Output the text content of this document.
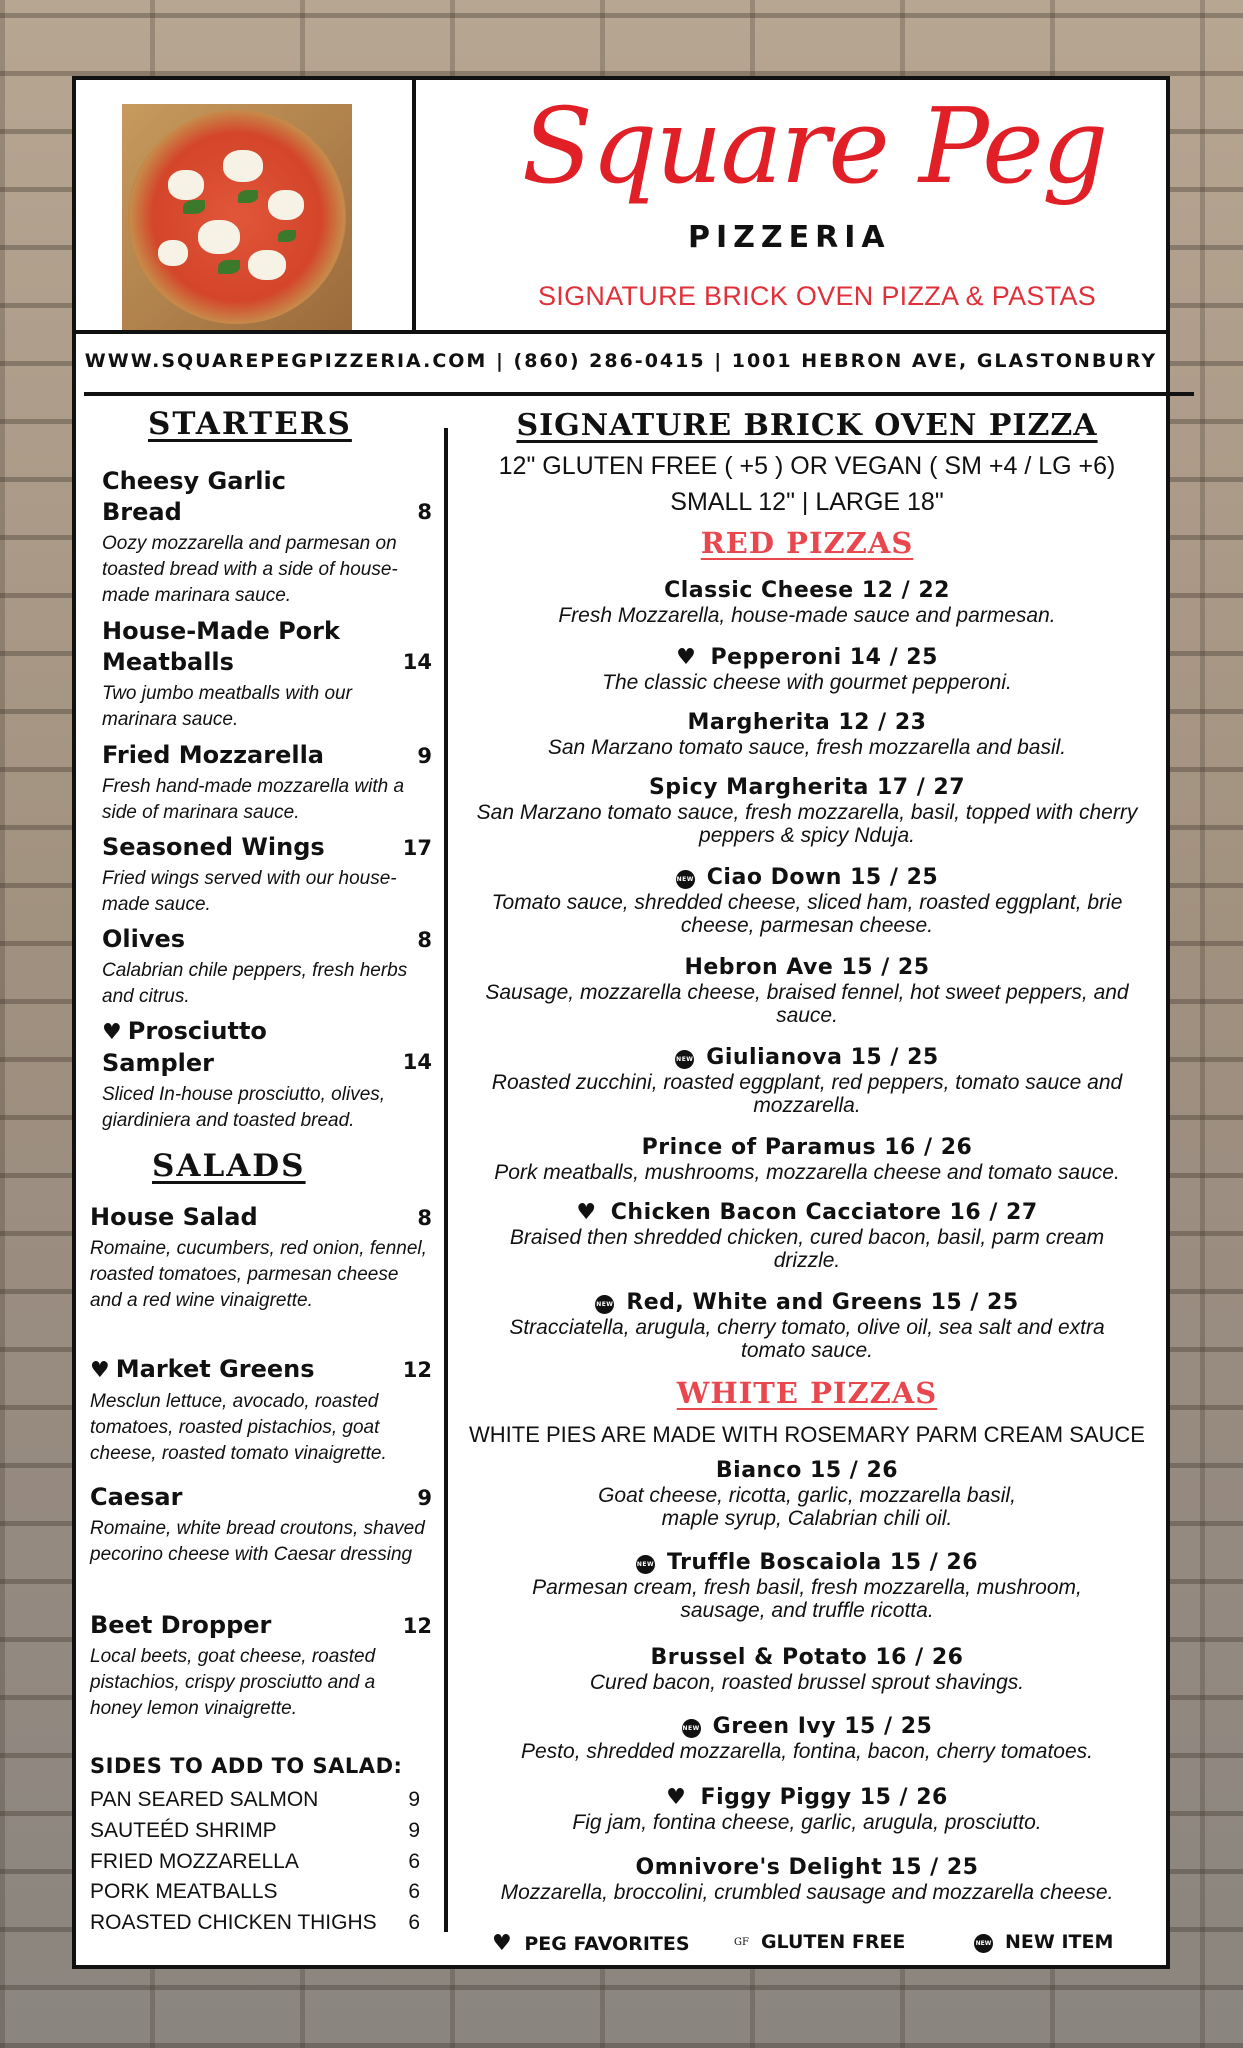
Square Peg
PIZZERIA
SIGNATURE BRICK OVEN PIZZA & PASTAS
WWW.SQUAREPEGPIZZERIA.COM | (860) 286-0415 | 1001 HEBRON AVE, GLASTONBURY
STARTERS
Cheesy Garlic Bread	8
Oozy mozzarella and parmesan on toasted bread with a side of house-made marinara sauce.
House-Made Pork Meatballs	14
Two jumbo meatballs with our marinara sauce.
Fried Mozzarella	9
Fresh hand-made mozzarella with a side of marinara sauce.
Seasoned Wings	17
Fried wings served with our house-made sauce.
Olives	8
Calabrian chile peppers, fresh herbs and citrus.
♥ Prosciutto Sampler	14
Sliced In-house prosciutto, olives, giardiniera and toasted bread.
SALADS
House Salad	8
Romaine, cucumbers, red onion, fennel, roasted tomatoes, parmesan cheese and a red wine vinaigrette.
♥ Market Greens	12
Mesclun lettuce, avocado, roasted tomatoes, roasted pistachios, goat cheese, roasted tomato vinaigrette.
Caesar	9
Romaine, white bread croutons, shaved pecorino cheese with Caesar dressing
Beet Dropper	12
Local beets, goat cheese, roasted pistachios, crispy prosciutto and a honey lemon vinaigrette.
SIDES TO ADD TO SALAD:
PAN SEARED SALMON	9
SAUTEÉD SHRIMP	9
FRIED MOZZARELLA	6
PORK MEATBALLS	6
ROASTED CHICKEN THIGHS 6
SIGNATURE BRICK OVEN PIZZA
12" GLUTEN FREE ( +5 ) OR VEGAN ( SM +4 / LG +6)
SMALL 12" | LARGE 18"
RED PIZZAS
Classic Cheese 12 / 22
Fresh Mozzarella, house-made sauce and parmesan.
♥ Pepperoni 14 / 25
The classic cheese with gourmet pepperoni.
Margherita 12 / 23
San Marzano tomato sauce, fresh mozzarella and basil.
Spicy Margherita 17 / 27
San Marzano tomato sauce, fresh mozzarella, basil, topped with cherry peppers & spicy Nduja.
NEW Ciao Down 15 / 25
Tomato sauce, shredded cheese, sliced ham, roasted eggplant, brie cheese, parmesan cheese.
Hebron Ave 15 / 25
Sausage, mozzarella cheese, braised fennel, hot sweet peppers, and sauce.
NEW Giulianova 15 / 25
Roasted zucchini, roasted eggplant, red peppers, tomato sauce and mozzarella.
Prince of Paramus 16 / 26
Pork meatballs, mushrooms, mozzarella cheese and tomato sauce.
♥ Chicken Bacon Cacciatore 16 / 27
Braised then shredded chicken, cured bacon, basil, parm cream drizzle.
NEW Red, White and Greens 15 / 25
Stracciatella, arugula, cherry tomato, olive oil, sea salt and extra tomato sauce.
WHITE PIZZAS
WHITE PIES ARE MADE WITH ROSEMARY PARM CREAM SAUCE
Bianco 15 / 26
Goat cheese, ricotta, garlic, mozzarella basil, maple syrup, Calabrian chili oil.
NEW Truffle Boscaiola 15 / 26
Parmesan cream, fresh basil, fresh mozzarella, mushroom, sausage, and truffle ricotta.
Brussel & Potato 16 / 26
Cured bacon, roasted brussel sprout shavings.
NEW Green Ivy 15 / 25
Pesto, shredded mozzarella, fontina, bacon, cherry tomatoes.
♥ Figgy Piggy 15 / 26
Fig jam, fontina cheese, garlic, arugula, prosciutto.
Omnivore's Delight 15 / 25
Mozzarella, broccolini, crumbled sausage and mozzarella cheese.
♥ PEG FAVORITES	GF GLUTEN FREE	NEW NEW ITEM
